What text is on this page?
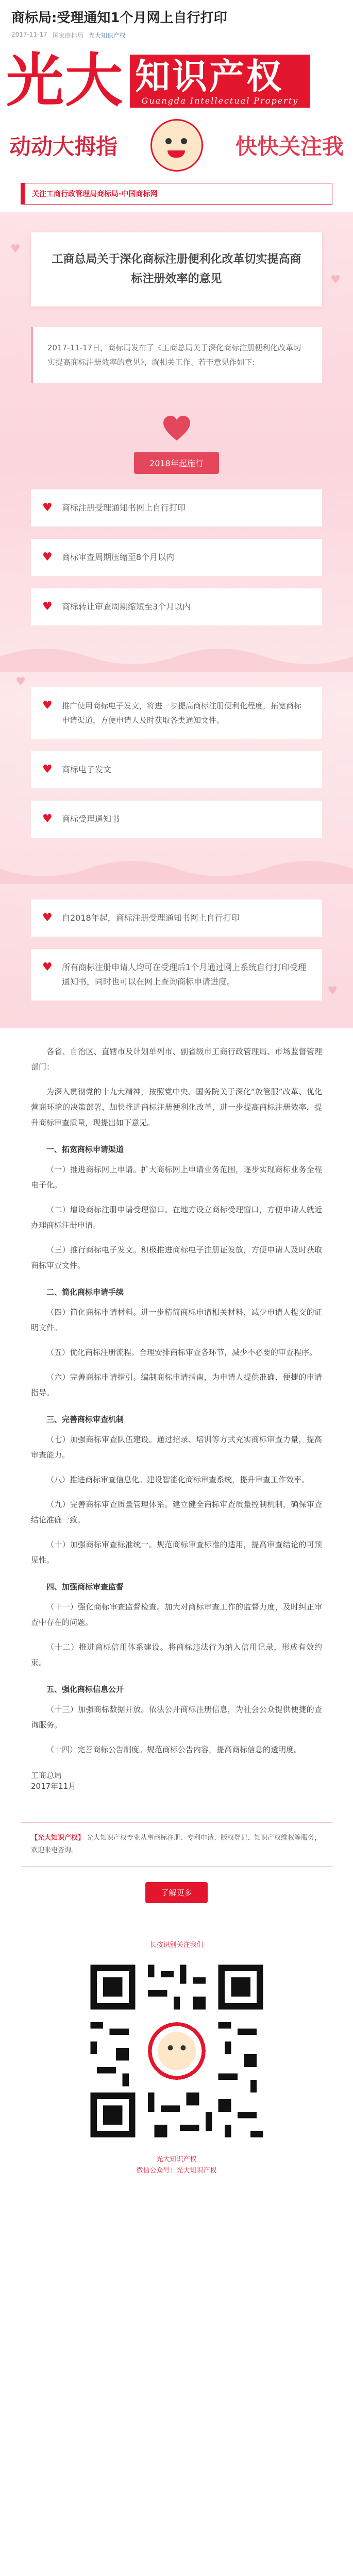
商标局:受理通知1个月网上自行打印
2017-11-17 国家商标局 光大知识产权
光大 知识产权
Guangda Intellectual Property
动动大拇指	快快关注我
关注工商行政管理局商标局·中国商标网
♥
♥
♥
♥

工商总局关于深化商标注册便利化改革切实提高商标注册效率的意见

2017-11-17日，商标局发布了《工商总局关于深化商标注册便利化改革切实提高商标注册效率的意见》，就相关工作、若干意见作如下:
2018年起施行
♥ 商标注册受理通知书网上自行打印
♥ 商标审查周期压缩至8个月以内
♥ 商标转让审查周期缩短至3个月以内
♥ 推广使用商标电子发文，将进一步提高商标注册便利化程度，拓宽商标申请渠道，方便申请人及时获取各类通知文件。
♥ 商标电子发文
♥ 商标受理通知书
♥ 自2018年起，商标注册受理通知书网上自行打印
♥ 所有商标注册申请人均可在受理后1个月通过网上系统自行打印受理通知书，同时也可以在网上查询商标申请进度。

各省、自治区、直辖市及计划单列市、副省级市工商行政管理局、市场监督管理部门：

为深入贯彻党的十九大精神，按照党中央、国务院关于深化“放管服”改革、优化营商环境的决策部署，加快推进商标注册便利化改革，进一步提高商标注册效率，提升商标审查质量，现提出如下意见。

一、拓宽商标申请渠道

（一）推进商标网上申请。扩大商标网上申请业务范围，逐步实现商标业务全程电子化。

（二）增设商标注册申请受理窗口。在地方设立商标受理窗口，方便申请人就近办理商标注册申请。

（三）推行商标电子发文。积极推进商标电子注册证发放，方便申请人及时获取商标审查文件。

二、简化商标申请手续

（四）简化商标申请材料。进一步精简商标申请相关材料，减少申请人提交的证明文件。

（五）优化商标注册流程。合理安排商标审查各环节，减少不必要的审查程序。

（六）完善商标申请指引。编制商标申请指南，为申请人提供准确、便捷的申请指导。

三、完善商标审查机制

（七）加强商标审查队伍建设。通过招录、培训等方式充实商标审查力量，提高审查能力。

（八）推进商标审查信息化。建设智能化商标审查系统，提升审查工作效率。

（九）完善商标审查质量管理体系。建立健全商标审查质量控制机制，确保审查结论准确一致。

（十）加强商标审查标准统一。规范商标审查标准的适用，提高审查结论的可预见性。

四、加强商标审查监督

（十一）强化商标审查监督检查。加大对商标审查工作的监督力度，及时纠正审查中存在的问题。

（十二）推进商标信用体系建设。将商标违法行为纳入信用记录，形成有效约束。

五、强化商标信息公开

（十三）加强商标数据开放。依法公开商标注册信息，为社会公众提供便捷的查询服务。

（十四）完善商标公告制度。规范商标公告内容，提高商标信息的透明度。

工商总局
2017年11月
【光大知识产权】 光大知识产权专业从事商标注册、专利申请、版权登记、知识产权维权等服务，欢迎来电咨询。
了解更多
长按识别关注我们
光大知识产权
微信公众号：光大知识产权
